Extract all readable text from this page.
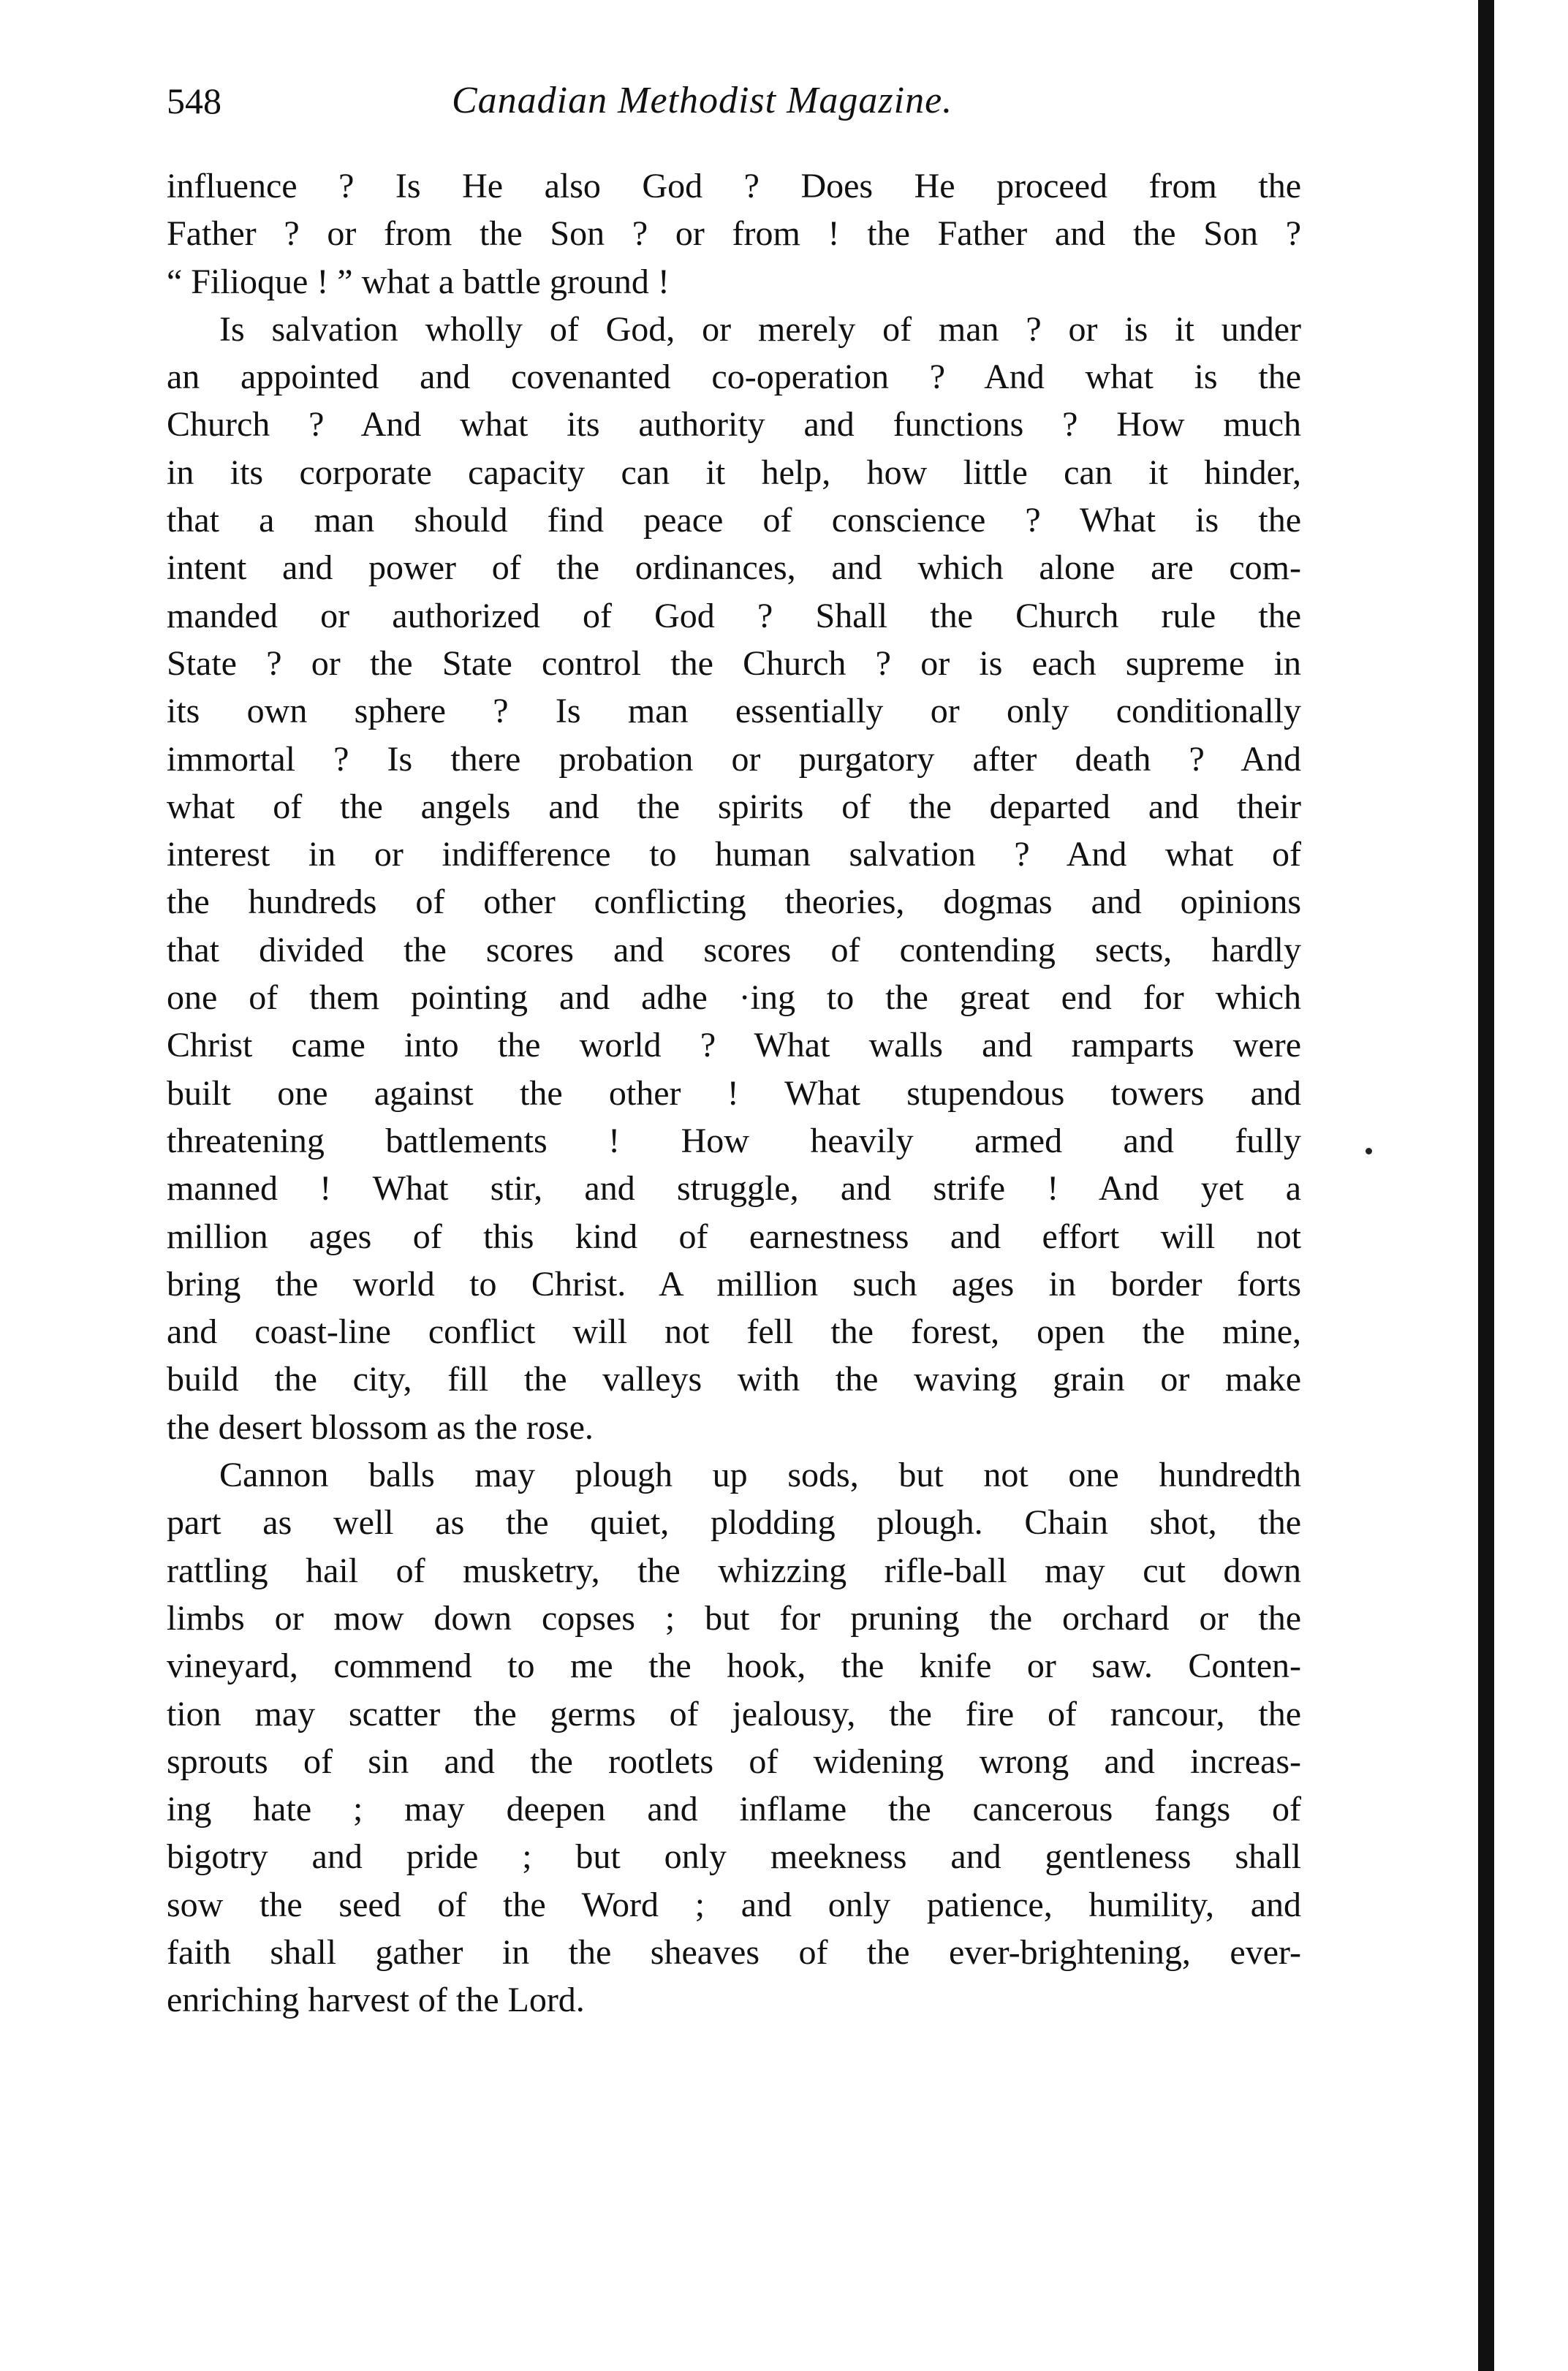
548	Canadian Methodist Magazine.
influence ? Is He also God ? Does He proceed from the
Father ? or from the Son ? or from ! the Father and the Son ?
“ Filioque ! ” what a battle ground !
Is salvation wholly of God, or merely of man ? or is it under
an appointed and covenanted co-operation ? And what is the
Church ? And what its authority and functions ? How much
in its corporate capacity can it help, how little can it hinder,
that a man should find peace of conscience ? What is the
intent and power of the ordinances, and which alone are com-
manded or authorized of God ? Shall the Church rule the
State ? or the State control the Church ? or is each supreme in
its own sphere ? Is man essentially or only conditionally
immortal ? Is there probation or purgatory after death ? And
what of the angels and the spirits of the departed and their
interest in or indifference to human salvation ? And what of
the hundreds of other conflicting theories, dogmas and opinions
that divided the scores and scores of contending sects, hardly
one of them pointing and adhe ·ing to the great end for which
Christ came into the world ? What walls and ramparts were
built one against the other ! What stupendous towers and
threatening battlements ! How heavily armed and fully
manned ! What stir, and struggle, and strife ! And yet a
million ages of this kind of earnestness and effort will not
bring the world to Christ. A million such ages in border forts
and coast-line conflict will not fell the forest, open the mine,
build the city, fill the valleys with the waving grain or make
the desert blossom as the rose.
Cannon balls may plough up sods, but not one hundredth
part as well as the quiet, plodding plough. Chain shot, the
rattling hail of musketry, the whizzing rifle-ball may cut down
limbs or mow down copses ; but for pruning the orchard or the
vineyard, commend to me the hook, the knife or saw. Conten-
tion may scatter the germs of jealousy, the fire of rancour, the
sprouts of sin and the rootlets of widening wrong and increas-
ing hate ; may deepen and inflame the cancerous fangs of
bigotry and pride ; but only meekness and gentleness shall
sow the seed of the Word ; and only patience, humility, and
faith shall gather in the sheaves of the ever-brightening, ever-
enriching harvest of the Lord.
